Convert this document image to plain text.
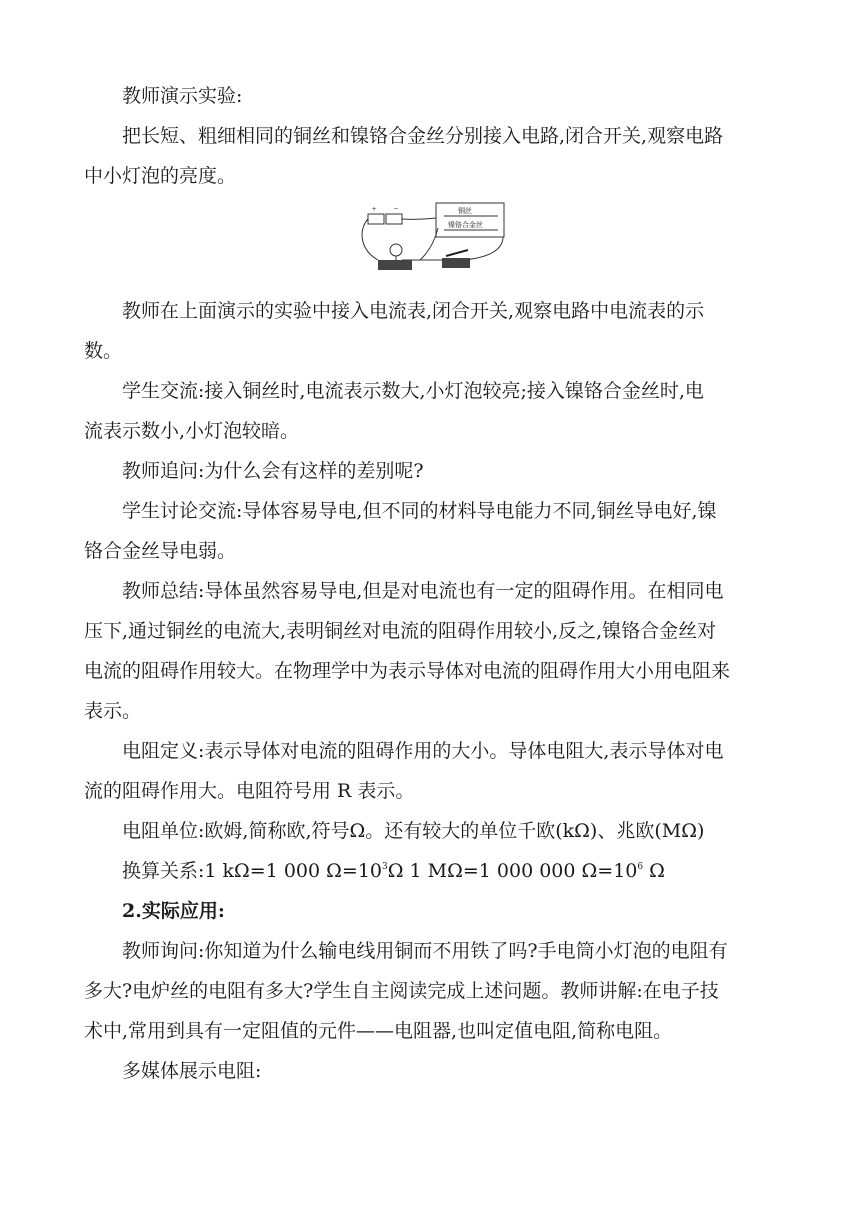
教师演示实验:
把长短、粗细相同的铜丝和镍铬合金丝分别接入电路,闭合开关,观察电路
中小灯泡的亮度。
+	−	铜丝
镍铬合金丝
教师在上面演示的实验中接入电流表,闭合开关,观察电路中电流表的示
数。
学生交流:接入铜丝时,电流表示数大,小灯泡较亮;接入镍铬合金丝时,电
流表示数小,小灯泡较暗。
教师追问:为什么会有这样的差别呢?
学生讨论交流:导体容易导电,但不同的材料导电能力不同,铜丝导电好,镍
铬合金丝导电弱。
教师总结:导体虽然容易导电,但是对电流也有一定的阻碍作用。在相同电
压下,通过铜丝的电流大,表明铜丝对电流的阻碍作用较小,反之,镍铬合金丝对
电流的阻碍作用较大。在物理学中为表示导体对电流的阻碍作用大小用电阻来
表示。
电阻定义:表示导体对电流的阻碍作用的大小。导体电阻大,表示导体对电
流的阻碍作用大。电阻符号用 R 表示。
电阻单位:欧姆,简称欧,符号Ω。还有较大的单位千欧(kΩ)、兆欧(MΩ)
换算关系:1 kΩ=1 000 $\Omega=10^3\Omega$ 1 MΩ=1 000 000 $\Omega=10^6$ Ω
2.实际应用:
教师询问:你知道为什么输电线用铜而不用铁了吗?手电筒小灯泡的电阻有
多大?电炉丝的电阻有多大?学生自主阅读完成上述问题。教师讲解:在电子技
术中,常用到具有一定阻值的元件——电阻器,也叫定值电阻,简称电阻。
多媒体展示电阻:
